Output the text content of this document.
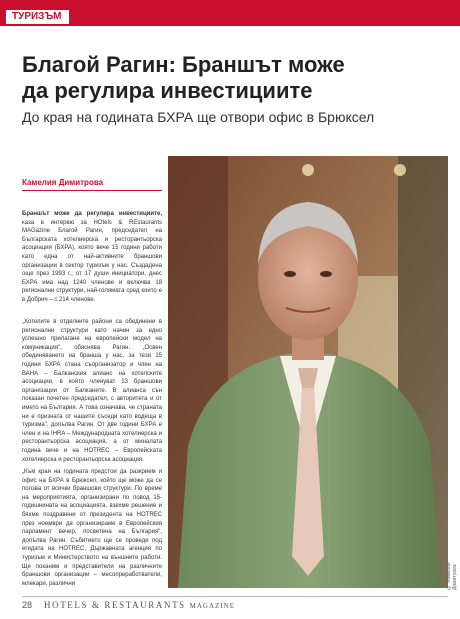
ТУРИЗЪМ
Благой Рагин: Браншът може
да регулира инвестициите
До края на годината БХРА ще отвори офис в Брюксел
Камелия Димитрова

Браншът може да регулира инвестициите, каза в интервю за HOtels & REstaurants MAGazine Благой Рагин, председател на Българската хотелиерска и ресторантьорска асоциация (БХРА), която вече 15 години работи като една от най-активните браншови организации в сектор туризъм у нас. Създадена още през 1993 г., от 17 души инициатори, днес БХРА има над 1240 членове и включва 18 регионални структури, най-голямата сред които е в Добрич – с 214 членове.

„Хотелите в отделните райони са обединени в регионални структури като начин за едно успешно прилагане на европейски модел на комуникация", обяснява Рагин. „Освен обединяването на бранша у нас, за тези 15 години БХРА стана съорганизатор и член на ВАНА – Балканския алианс на хотелските асоциации, в който членуват 13 браншови организации от Балканите. В алианса сън показан почетен председател, с авторитета и от името на България. А това означава, че страната ни е призната от нашите съседи като водеща в туризма", допълва Рагин. От две години БХРА е член и на IHRA – Международната хотелиерска и ресторантьорска асоциация, а от миналата година вече и на HOTREC – Европейската хотелиерска и ресторантьорска асоциация.

„Към края на годината предстои да разкрием и офис на БХРА в Брюксел, който ще може да се ползва от всички браншови структури. По време на мероприятията, организирани по повод 15-годишнината на асоциацията, взехме решение и бяхме поздравени от президента на HOTREC през ноември да организираме в Европейския парламент вечер, посветена на България", допълва Рагин. Събитието ще се проведе под егидата на HOTREC, Държавната агенция по туризъм и Министерството на външните работи. Ще поканим и представители на различните браншови организации – месопреработватели, млекари, различни	© Камелия Димитрова
28 HOTELS & RESTAURANTS MAGAZINE
